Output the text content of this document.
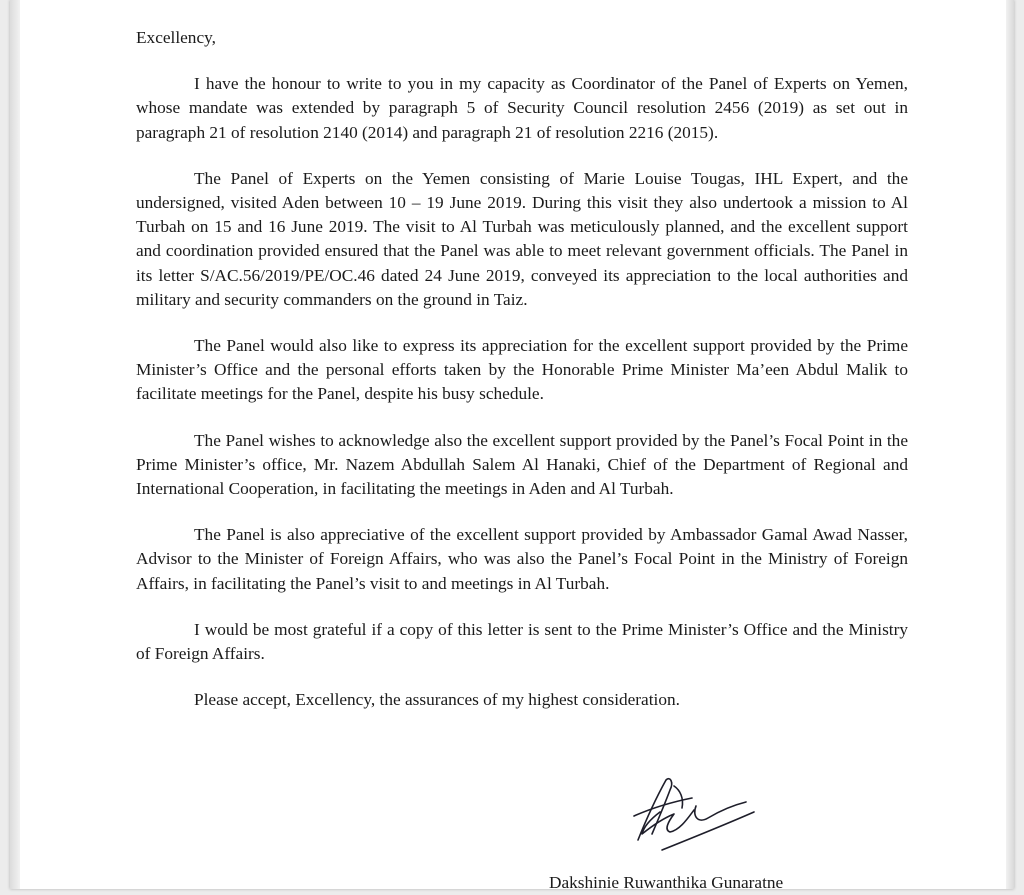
Excellency,

I have the honour to write to you in my capacity as Coordinator of the Panel of Experts on Yemen, whose mandate was extended by paragraph 5 of Security Council resolution 2456 (2019) as set out in paragraph 21 of resolution 2140 (2014) and paragraph 21 of resolution 2216 (2015).

The Panel of Experts on the Yemen consisting of Marie Louise Tougas, IHL Expert, and the undersigned, visited Aden between 10 – 19 June 2019. During this visit they also undertook a mission to Al Turbah on 15 and 16 June 2019. The visit to Al Turbah was meticulously planned, and the excellent support and coordination provided ensured that the Panel was able to meet relevant government officials. The Panel in its letter S/AC.56/2019/PE/OC.46 dated 24 June 2019, conveyed its appreciation to the local authorities and military and security commanders on the ground in Taiz.

The Panel would also like to express its appreciation for the excellent support provided by the Prime Minister’s Office and the personal efforts taken by the Honorable Prime Minister Ma’een Abdul Malik to facilitate meetings for the Panel, despite his busy schedule.

The Panel wishes to acknowledge also the excellent support provided by the Panel’s Focal Point in the Prime Minister’s office, Mr. Nazem Abdullah Salem Al Hanaki, Chief of the Department of Regional and International Cooperation, in facilitating the meetings in Aden and Al Turbah.

The Panel is also appreciative of the excellent support provided by Ambassador Gamal Awad Nasser, Advisor to the Minister of Foreign Affairs, who was also the Panel’s Focal Point in the Ministry of Foreign Affairs, in facilitating the Panel’s visit to and meetings in Al Turbah.

I would be most grateful if a copy of this letter is sent to the Prime Minister’s Office and the Ministry of Foreign Affairs.

Please accept, Excellency, the assurances of my highest consideration.

Dakshinie Ruwanthika Gunaratne
